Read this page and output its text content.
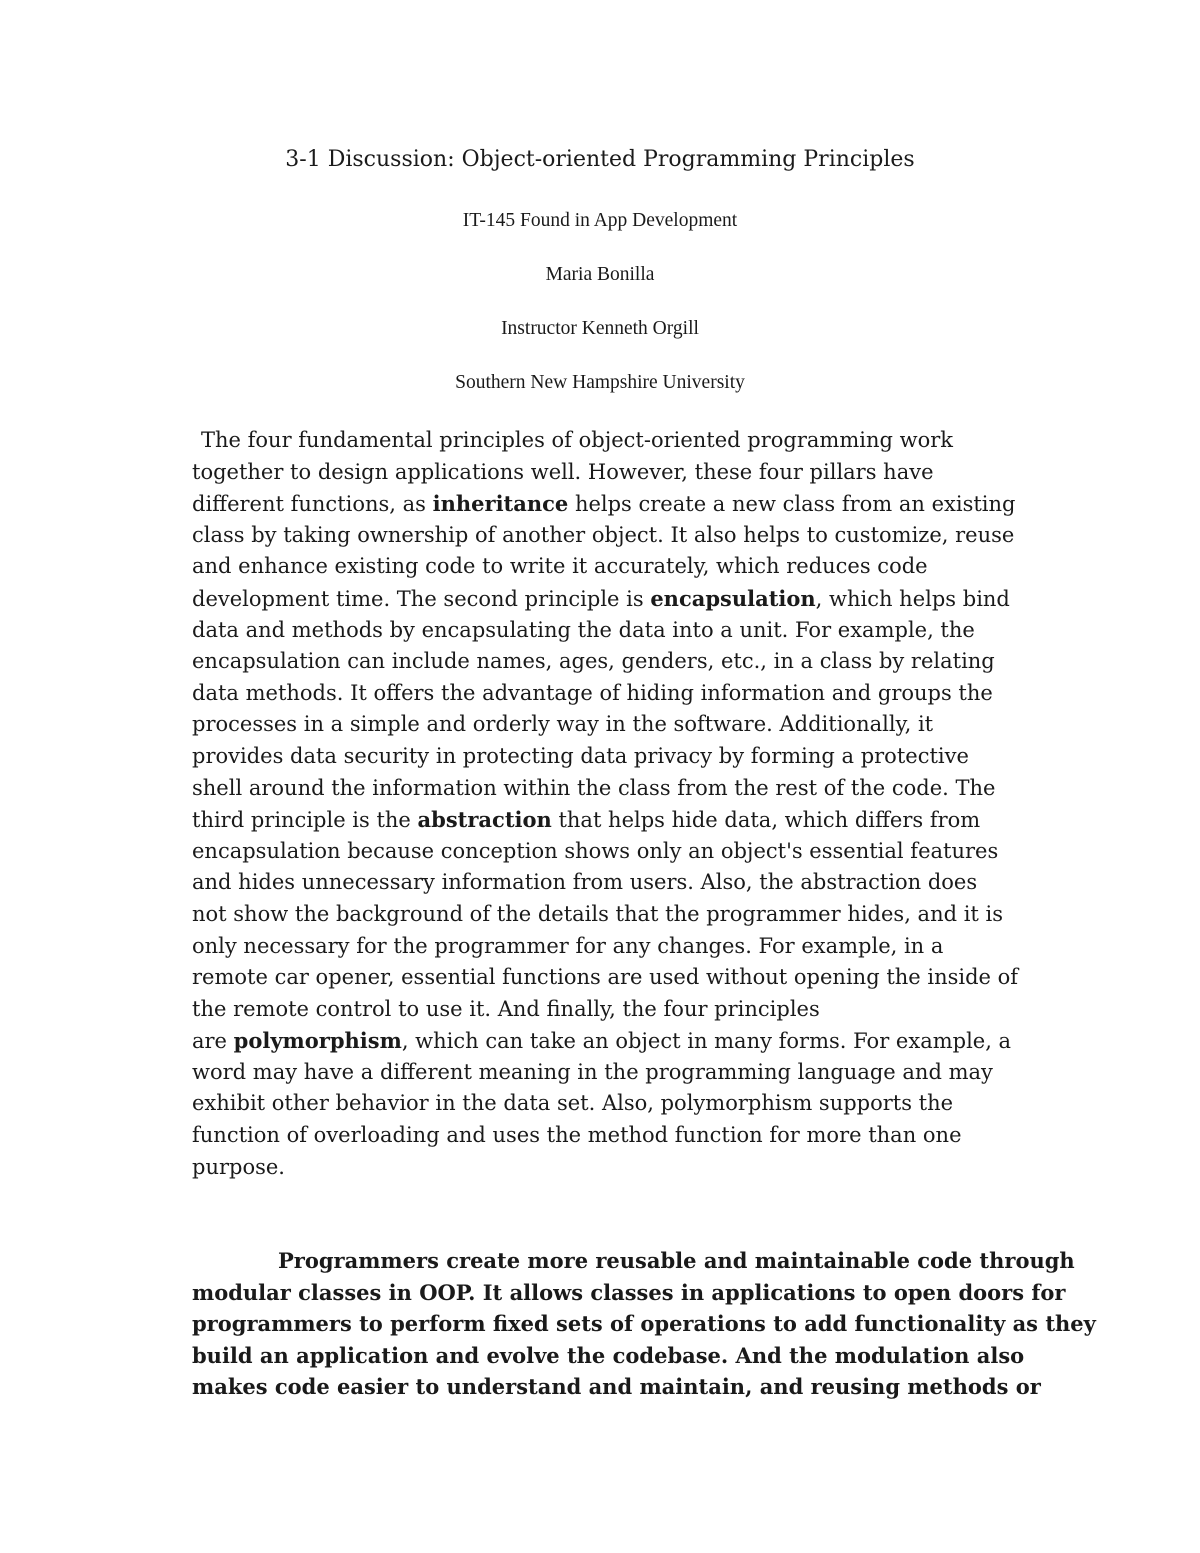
3-1 Discussion: Object-oriented Programming Principles
IT-145 Found in App Development
Maria Bonilla
Instructor Kenneth Orgill
Southern New Hampshire University
The four fundamental principles of object-oriented programming work
together to design applications well. However, these four pillars have
different functions, as inheritance helps create a new class from an existing
class by taking ownership of another object. It also helps to customize, reuse
and enhance existing code to write it accurately, which reduces code
development time. The second principle is encapsulation, which helps bind
data and methods by encapsulating the data into a unit. For example, the
encapsulation can include names, ages, genders, etc., in a class by relating
data methods. It offers the advantage of hiding information and groups the
processes in a simple and orderly way in the software. Additionally, it
provides data security in protecting data privacy by forming a protective
shell around the information within the class from the rest of the code. The
third principle is the abstraction that helps hide data, which differs from
encapsulation because conception shows only an object's essential features
and hides unnecessary information from users. Also, the abstraction does
not show the background of the details that the programmer hides, and it is
only necessary for the programmer for any changes. For example, in a
remote car opener, essential functions are used without opening the inside of
the remote control to use it. And finally, the four principles
are polymorphism, which can take an object in many forms. For example, a
word may have a different meaning in the programming language and may
exhibit other behavior in the data set. Also, polymorphism supports the
function of overloading and uses the method function for more than one
purpose.
Programmers create more reusable and maintainable code through
modular classes in OOP. It allows classes in applications to open doors for
programmers to perform fixed sets of operations to add functionality as they
build an application and evolve the codebase. And the modulation also
makes code easier to understand and maintain, and reusing methods or
